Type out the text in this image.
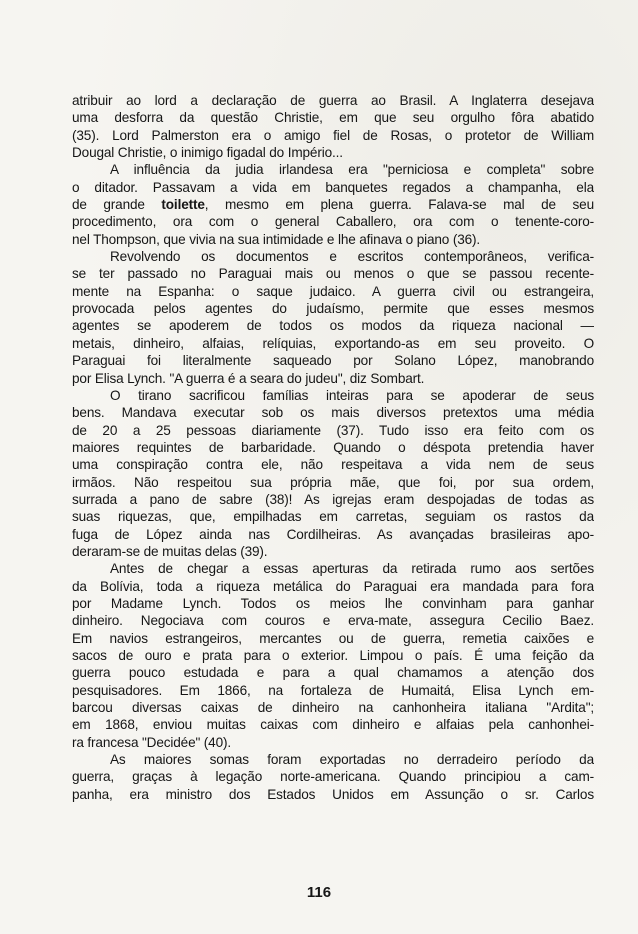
atribuir ao lord a declaração de guerra ao Brasil. A Inglaterra desejava
uma desforra da questão Christie, em que seu orgulho fôra abatido
(35). Lord Palmerston era o amigo fiel de Rosas, o protetor de William
Dougal Christie, o inimigo figadal do Império...
A influência da judia irlandesa era "perniciosa e completa" sobre
o ditador. Passavam a vida em banquetes regados a champanha, ela
de grande toilette, mesmo em plena guerra. Falava-se mal de seu
procedimento, ora com o general Caballero, ora com o tenente-coro-
nel Thompson, que vivia na sua intimidade e lhe afinava o piano (36).
Revolvendo os documentos e escritos contemporâneos, verifica-
se ter passado no Paraguai mais ou menos o que se passou recente-
mente na Espanha: o saque judaico. A guerra civil ou estrangeira,
provocada pelos agentes do judaísmo, permite que esses mesmos
agentes se apoderem de todos os modos da riqueza nacional —
metais, dinheiro, alfaias, relíquias, exportando-as em seu proveito. O
Paraguai foi literalmente saqueado por Solano López, manobrando
por Elisa Lynch. "A guerra é a seara do judeu", diz Sombart.
O tirano sacrificou famílias inteiras para se apoderar de seus
bens. Mandava executar sob os mais diversos pretextos uma média
de 20 a 25 pessoas diariamente (37). Tudo isso era feito com os
maiores requintes de barbaridade. Quando o déspota pretendia haver
uma conspiração contra ele, não respeitava a vida nem de seus
irmãos. Não respeitou sua própria mãe, que foi, por sua ordem,
surrada a pano de sabre (38)! As igrejas eram despojadas de todas as
suas riquezas, que, empilhadas em carretas, seguiam os rastos da
fuga de López ainda nas Cordilheiras. As avançadas brasileiras apo-
deraram-se de muitas delas (39).
Antes de chegar a essas aperturas da retirada rumo aos sertões
da Bolívia, toda a riqueza metálica do Paraguai era mandada para fora
por Madame Lynch. Todos os meios lhe convinham para ganhar
dinheiro. Negociava com couros e erva-mate, assegura Cecilio Baez.
Em navios estrangeiros, mercantes ou de guerra, remetia caixões e
sacos de ouro e prata para o exterior. Limpou o país. É uma feição da
guerra pouco estudada e para a qual chamamos a atenção dos
pesquisadores. Em 1866, na fortaleza de Humaitá, Elisa Lynch em-
barcou diversas caixas de dinheiro na canhonheira italiana "Ardita";
em 1868, enviou muitas caixas com dinheiro e alfaias pela canhonhei-
ra francesa "Decidée" (40).
As maiores somas foram exportadas no derradeiro período da
guerra, graças à legação norte-americana. Quando principiou a cam-
panha, era ministro dos Estados Unidos em Assunção o sr. Carlos
116
